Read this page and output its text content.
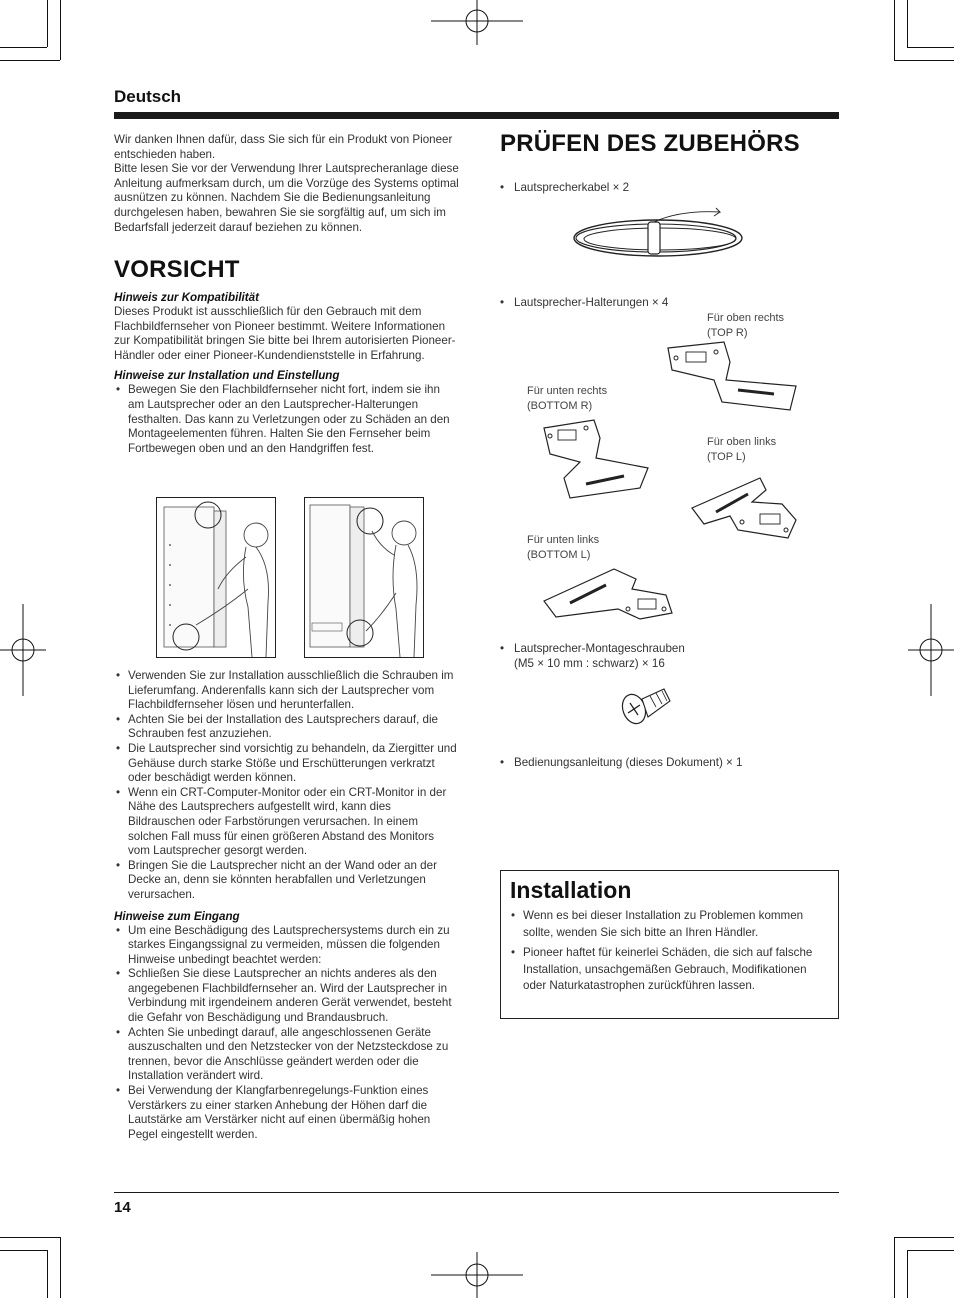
Deutsch

Wir danken Ihnen dafür, dass Sie sich für ein Produkt von Pioneer entschieden haben.
Bitte lesen Sie vor der Verwendung Ihrer Lautsprecheranlage diese Anleitung aufmerksam durch, um die Vorzüge des Systems optimal ausnützen zu können. Nachdem Sie die Bedienungsanleitung durchgelesen haben, bewahren Sie sie sorgfältig auf, um sich im Bedarfsfall jederzeit darauf beziehen zu können.

VORSICHT

Hinweis zur Kompatibilität

Dieses Produkt ist ausschließlich für den Gebrauch mit dem Flachbildfernseher von Pioneer bestimmt. Weitere Informationen zur Kompatibilität bringen Sie bitte bei Ihrem autorisierten Pioneer-Händler oder einer Pioneer-Kundendienststelle in Erfahrung.

Hinweise zur Installation und Einstellung

• Bewegen Sie den Flachbildfernseher nicht fort, indem sie ihn am Lautsprecher oder an den Lautsprecher-Halterungen festhalten. Das kann zu Verletzungen oder zu Schäden an den Montageelementen führen. Halten Sie den Fernseher beim Fortbewegen oben und an den Handgriffen fest.
• Verwenden Sie zur Installation ausschließlich die Schrauben im Lieferumfang. Anderenfalls kann sich der Lautsprecher vom Flachbildfernseher lösen und herunterfallen.
• Achten Sie bei der Installation des Lautsprechers darauf, die Schrauben fest anzuziehen.
• Die Lautsprecher sind vorsichtig zu behandeln, da Ziergitter und Gehäuse durch starke Stöße und Erschütterungen verkratzt oder beschädigt werden können.
• Wenn ein CRT-Computer-Monitor oder ein CRT-Monitor in der Nähe des Lautsprechers aufgestellt wird, kann dies Bildrauschen oder Farbstörungen verursachen. In einem solchen Fall muss für einen größeren Abstand des Monitors vom Lautsprecher gesorgt werden.
• Bringen Sie die Lautsprecher nicht an der Wand oder an der Decke an, denn sie könnten herabfallen und Verletzungen verursachen.

Hinweise zum Eingang

• Um eine Beschädigung des Lautsprechersystems durch ein zu starkes Eingangssignal zu vermeiden, müssen die folgenden Hinweise unbedingt beachtet werden:
• Schließen Sie diese Lautsprecher an nichts anderes als den angegebenen Flachbildfernseher an. Wird der Lautsprecher in Verbindung mit irgendeinem anderen Gerät verwendet, besteht die Gefahr von Beschädigung und Brandausbruch.
• Achten Sie unbedingt darauf, alle angeschlossenen Geräte auszuschalten und den Netzstecker von der Netzsteckdose zu trennen, bevor die Anschlüsse geändert werden oder die Installation verändert wird.
• Bei Verwendung der Klangfarbenregelungs-Funktion eines Verstärkers zu einer starken Anhebung der Höhen darf die Lautstärke am Verstärker nicht auf einen übermäßig hohen Pegel eingestellt werden.
PRÜFEN DES ZUBEHÖRS
• Lautsprecherkabel × 2
• Lautsprecher-Halterungen × 4
Für oben rechts
(TOP R)
Für unten rechts
(BOTTOM R)
Für oben links
(TOP L)
Für unten links
(BOTTOM L)
• Lautsprecher-Montageschrauben
(M5 × 10 mm : schwarz) × 16
• Bedienungsanleitung (dieses Dokument) × 1
Installation
• Wenn es bei dieser Installation zu Problemen kommen sollte, wenden Sie sich bitte an Ihren Händler.
• Pioneer haftet für keinerlei Schäden, die sich auf falsche Installation, unsachgemäßen Gebrauch, Modifikationen oder Naturkatastrophen zurückführen lassen.
14
